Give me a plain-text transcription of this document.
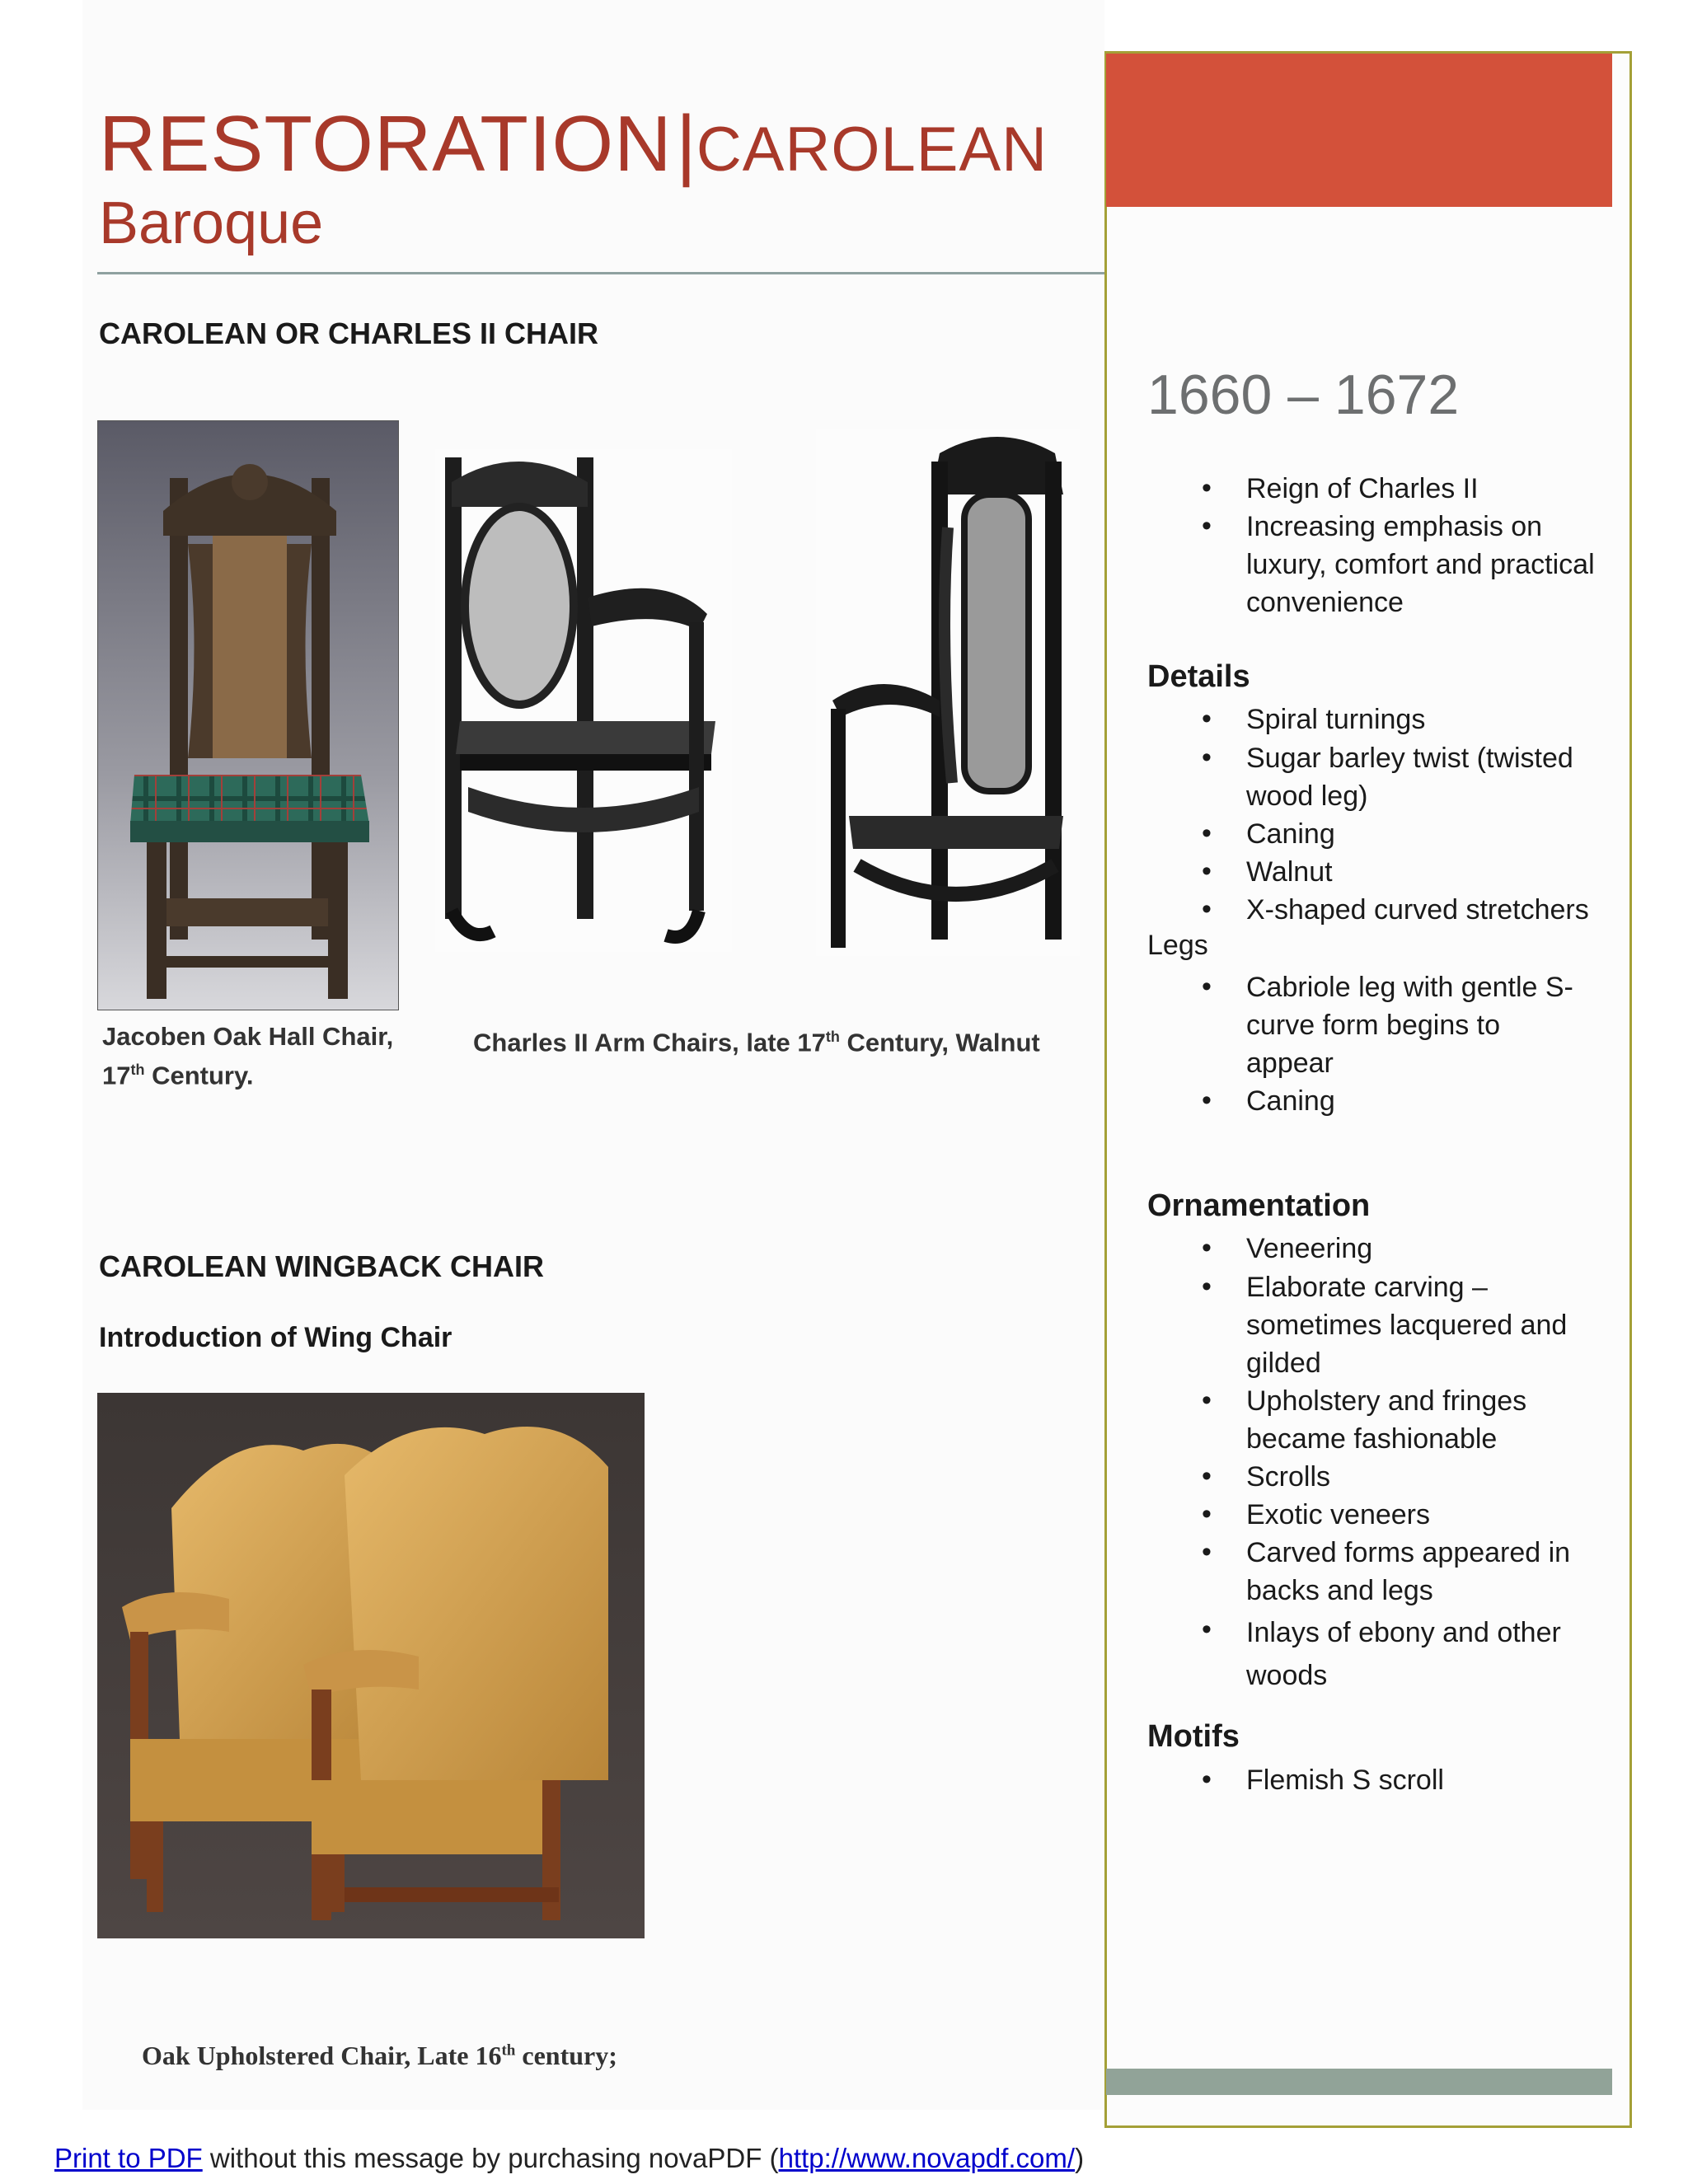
RESTORATION |CAROLEAN
Baroque
CAROLEAN OR CHARLES II CHAIR
Jacoben Oak Hall Chair,
17th Century.
Charles II Arm Chairs, late 17th Century, Walnut
CAROLEAN WINGBACK CHAIR
Introduction of Wing Chair
Oak Upholstered Chair, Late 16th century;
1660 – 1672
• Reign of Charles II
• Increasing emphasis on luxury, comfort and practical convenience
Details
• Spiral turnings
• Sugar barley twist (twisted wood leg)
• Caning
• Walnut
• X-shaped curved stretchers
Legs
• Cabriole leg with gentle S-curve form begins to appear
• Caning
Ornamentation
• Veneering
• Elaborate carving – sometimes lacquered and gilded
• Upholstery and fringes became fashionable
• Scrolls
• Exotic veneers
• Carved forms appeared in backs and legs
• Inlays of ebony and other woods
Motifs
• Flemish S scroll
Print to PDF without this message by purchasing novaPDF (http://www.novapdf.com/)
